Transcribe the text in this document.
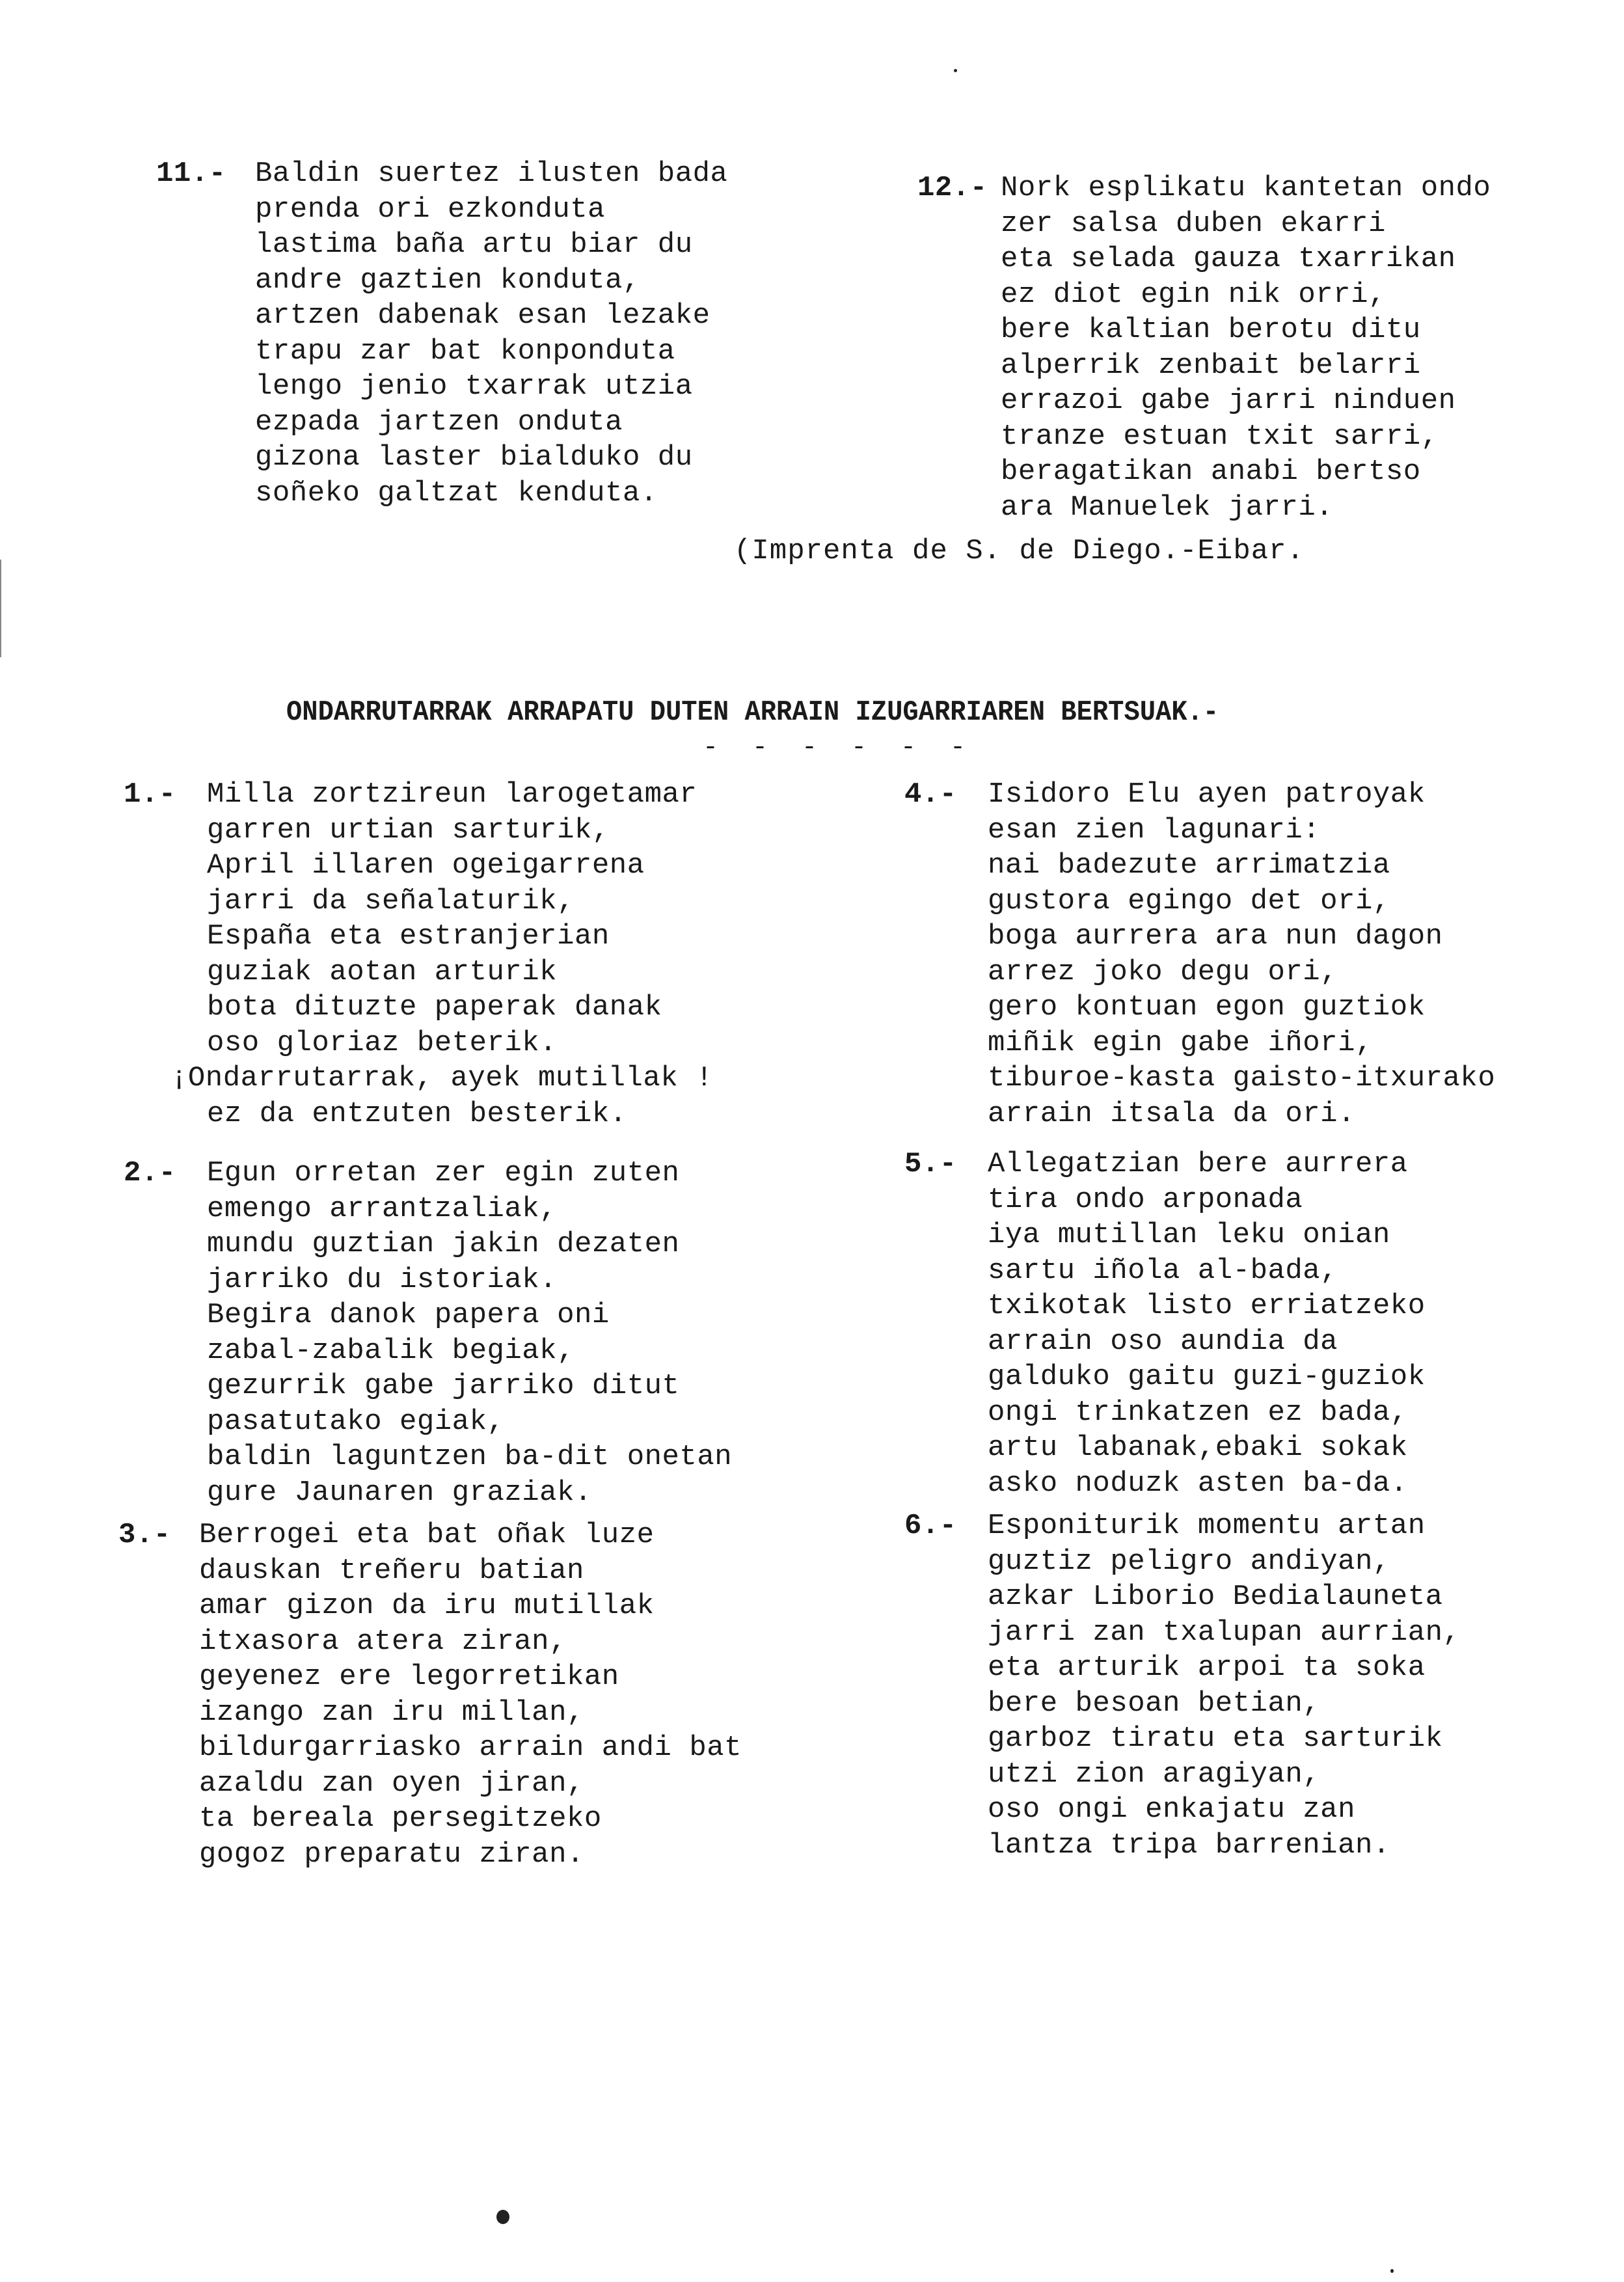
11.- Baldin suertez ilusten bada
prenda ori ezkonduta
lastima baña artu biar du
andre gaztien konduta,
artzen dabenak esan lezake
trapu zar bat konponduta
lengo jenio txarrak utzia
ezpada jartzen onduta
gizona laster bialduko du
soñeko galtzat kenduta.
12.- Nork esplikatu kantetan ondo
zer salsa duben ekarri
eta selada gauza txarrikan
ez diot egin nik orri,
bere kaltian berotu ditu
alperrik zenbait belarri
errazoi gabe jarri ninduen
tranze estuan txit sarri,
beragatikan anabi bertso
ara Manuelek jarri.
(Imprenta de S. de Diego.-Eibar.
ONDARRUTARRAK ARRAPATU DUTEN ARRAIN IZUGARRIAREN BERTSUAK.-
- - - - - -
1.- Milla zortzireun larogetamar
garren urtian sarturik,
April illaren ogeigarrena
jarri da señalaturik,
España eta estranjerian
guziak aotan arturik
bota dituzte paperak danak
oso gloriaz beterik.
¡Ondarrutarrak, ayek mutillak !
ez da entzuten besterik.
2.- Egun orretan zer egin zuten
emengo arrantzaliak,
mundu guztian jakin dezaten
jarriko du istoriak.
Begira danok papera oni
zabal-zabalik begiak,
gezurrik gabe jarriko ditut
pasatutako egiak,
baldin laguntzen ba-dit onetan
gure Jaunaren graziak.
3.- Berrogei eta bat oñak luze
dauskan treñeru batian
amar gizon da iru mutillak
itxasora atera ziran,
geyenez ere legorretikan
izango zan iru millan,
bildurgarriasko arrain andi bat
azaldu zan oyen jiran,
ta bereala persegitzeko
gogoz preparatu ziran.
4.- Isidoro Elu ayen patroyak
esan zien lagunari:
nai badezute arrimatzia
gustora egingo det ori,
boga aurrera ara nun dagon
arrez joko degu ori,
gero kontuan egon guztiok
miñik egin gabe iñori,
tiburoe-kasta gaisto-itxurako
arrain itsala da ori.
5.- Allegatzian bere aurrera
tira ondo arponada
iya mutillan leku onian
sartu iñola al-bada,
txikotak listo erriatzeko
arrain oso aundia da
galduko gaitu guzi-guziok
ongi trinkatzen ez bada,
artu labanak,ebaki sokak
asko noduzk asten ba-da.
6.- Esponiturik momentu artan
guztiz peligro andiyan,
azkar Liborio Bedialauneta
jarri zan txalupan aurrian,
eta arturik arpoi ta soka
bere besoan betian,
garboz tiratu eta sarturik
utzi zion aragiyan,
oso ongi enkajatu zan
lantza tripa barrenian.
